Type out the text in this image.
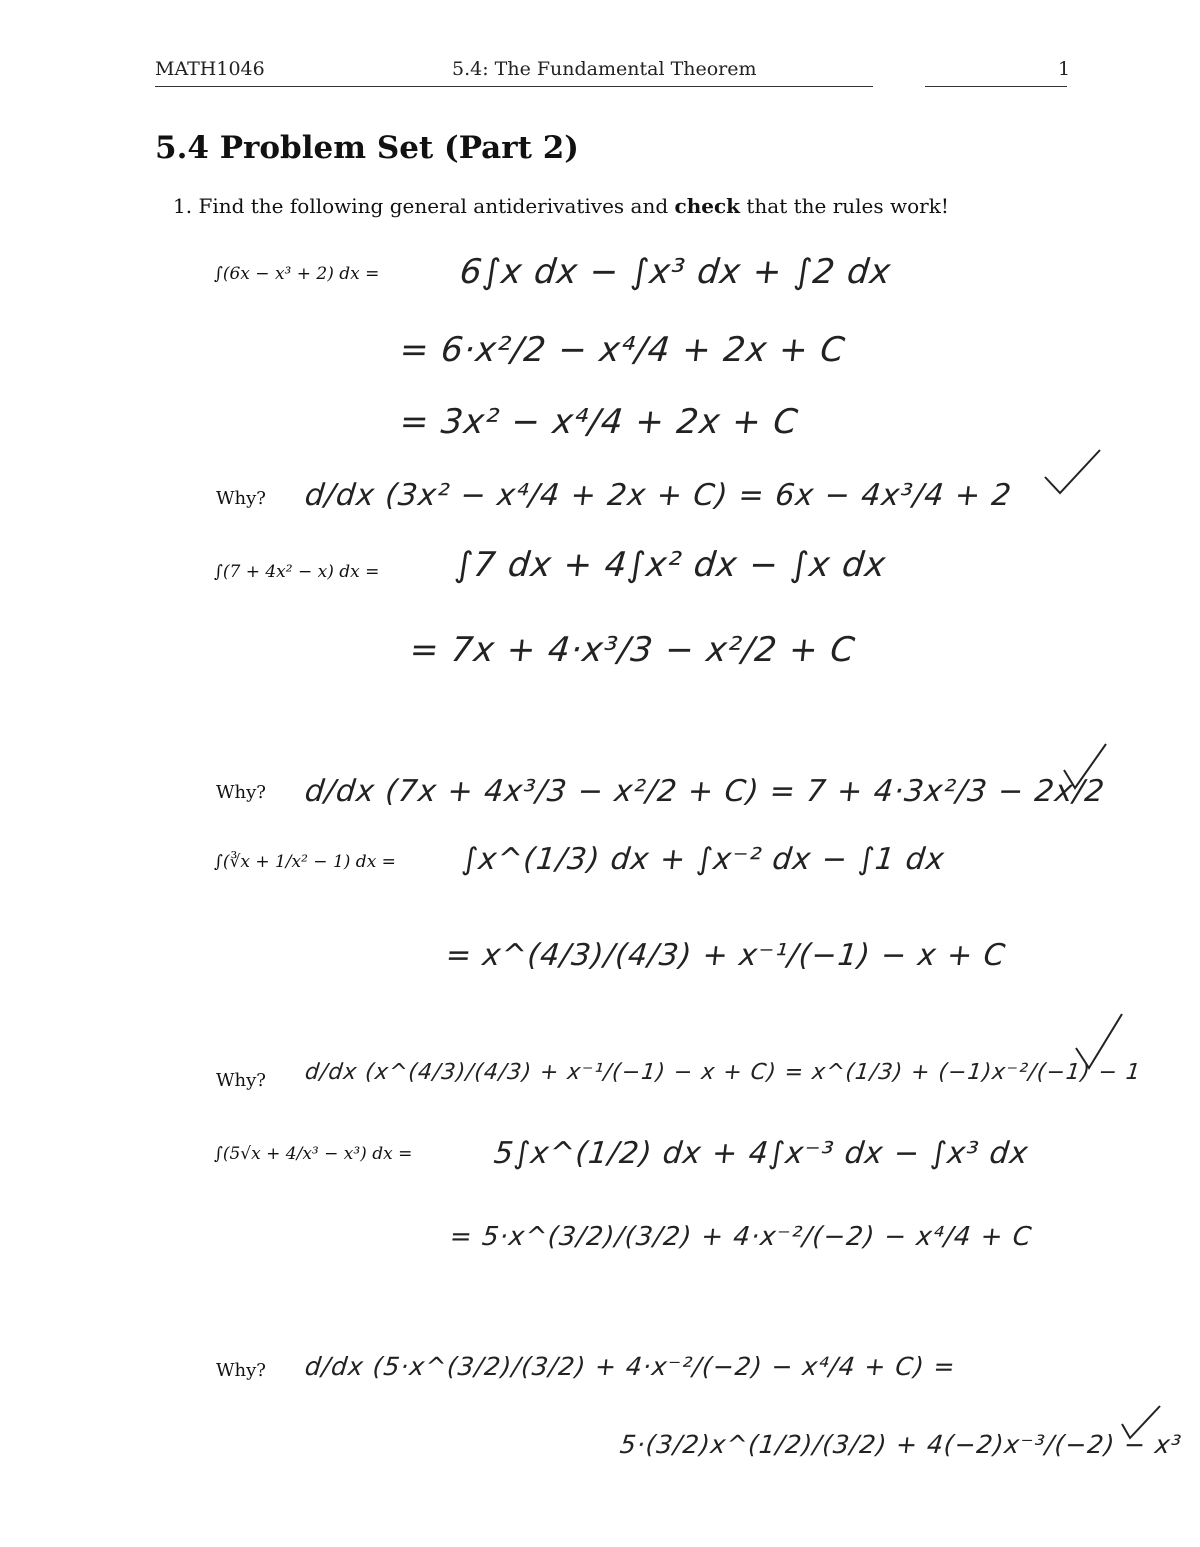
MATH1046	5.4: The Fundamental Theorem	1
5.4 Problem Set (Part 2)
1. Find the following general antiderivatives and check that the rules work!
∫(6x − x³ + 2) dx = 6∫x dx − ∫x³ dx + ∫2 dx
= 6·x²/2 − x⁴/4 + 2x + C
= 3x² − x⁴/4 + 2x + C
Why? d/dx (3x² − x⁴/4 + 2x + C) = 6x − 4x³/4 + 2
∫(7 + 4x² − x) dx = ∫7 dx + 4∫x² dx − ∫x dx
= 7x + 4·x³/3 − x²/2 + C
Why? d/dx (7x + 4x³/3 − x²/2 + C) = 7 + 4·3x²/3 − 2x/2
∫(∛x + 1/x² − 1) dx = ∫x^(1/3) dx + ∫x⁻² dx − ∫1 dx
= x^(4/3)/(4/3) + x⁻¹/(−1) − x + C
Why? d/dx (x^(4/3)/(4/3) + x⁻¹/(−1) − x + C) = x^(1/3) + (−1)x⁻²/(−1) − 1
∫(5√x + 4/x³ − x³) dx =	5∫x^(1/2) dx + 4∫x⁻³ dx − ∫x³ dx
= 5·x^(3/2)/(3/2) + 4·x⁻²/(−2) − x⁴/4 + C
Why? d/dx (5·x^(3/2)/(3/2) + 4·x⁻²/(−2) − x⁴/4 + C) =
5·(3/2)x^(1/2)/(3/2) + 4(−2)x⁻³/(−2) − x³
